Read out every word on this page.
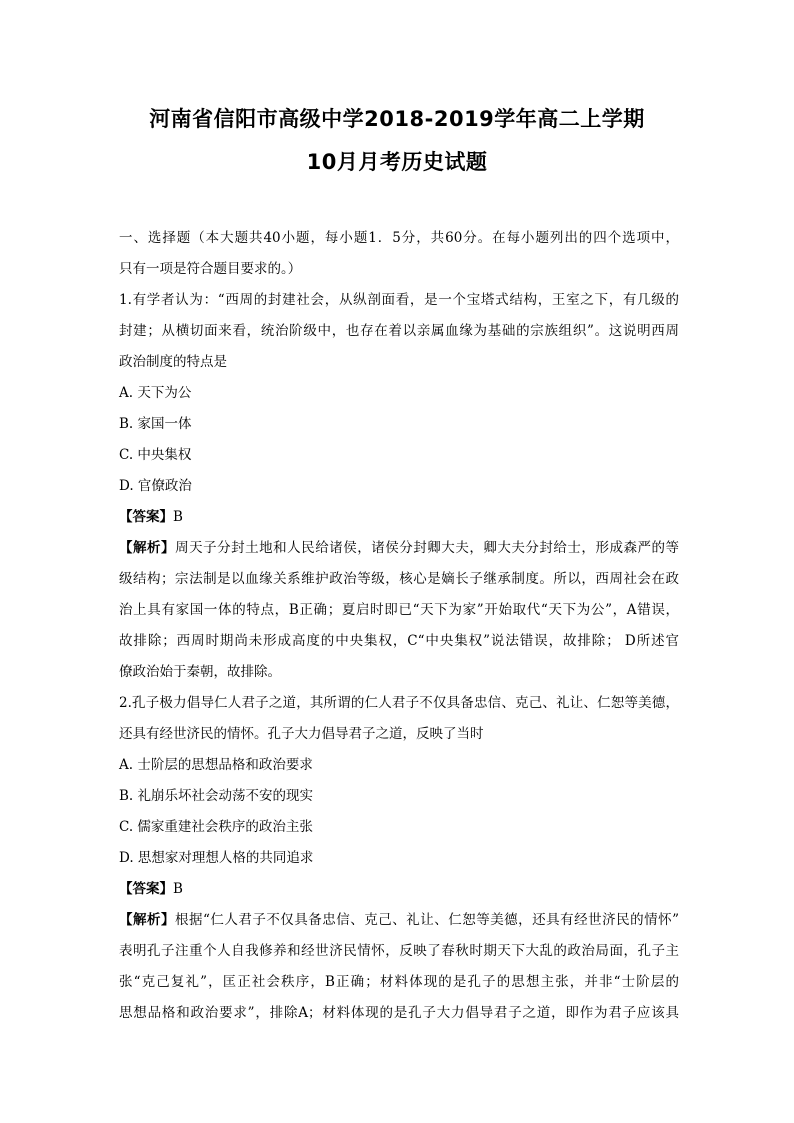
河南省信阳市高级中学2018-2019学年高二上学期
10月月考历史试题
一、选择题（本大题共40小题，每小题1．5分，共60分。在每小题列出的四个选项中，
只有一项是符合题目要求的。）
1.有学者认为：“西周的封建社会，从纵剖面看，是一个宝塔式结构，王室之下，有几级的
封建；从横切面来看，统治阶级中，也存在着以亲属血缘为基础的宗族组织”。这说明西周
政治制度的特点是
A. 天下为公
B. 家国一体
C. 中央集权
D. 官僚政治
【答案】B
【解析】周天子分封土地和人民给诸侯，诸侯分封卿大夫，卿大夫分封给士，形成森严的等
级结构；宗法制是以血缘关系维护政治等级，核心是嫡长子继承制度。所以，西周社会在政
治上具有家国一体的特点，B正确；夏启时即已“天下为家”开始取代“天下为公”，A错误，
故排除；西周时期尚未形成高度的中央集权，C“中央集权”说法错误，故排除； D所述官
僚政治始于秦朝，故排除。
2.孔子极力倡导仁人君子之道，其所谓的仁人君子不仅具备忠信、克己、礼让、仁恕等美德，
还具有经世济民的情怀。孔子大力倡导君子之道，反映了当时
A. 士阶层的思想品格和政治要求
B. 礼崩乐坏社会动荡不安的现实
C. 儒家重建社会秩序的政治主张
D. 思想家对理想人格的共同追求
【答案】B
【解析】根据“仁人君子不仅具备忠信、克己、礼让、仁恕等美德，还具有经世济民的情怀”
表明孔子注重个人自我修养和经世济民情怀，反映了春秋时期天下大乱的政治局面，孔子主
张“克己复礼”，匡正社会秩序，B正确；材料体现的是孔子的思想主张，并非“士阶层的
思想品格和政治要求”，排除A；材料体现的是孔子大力倡导君子之道，即作为君子应该具
